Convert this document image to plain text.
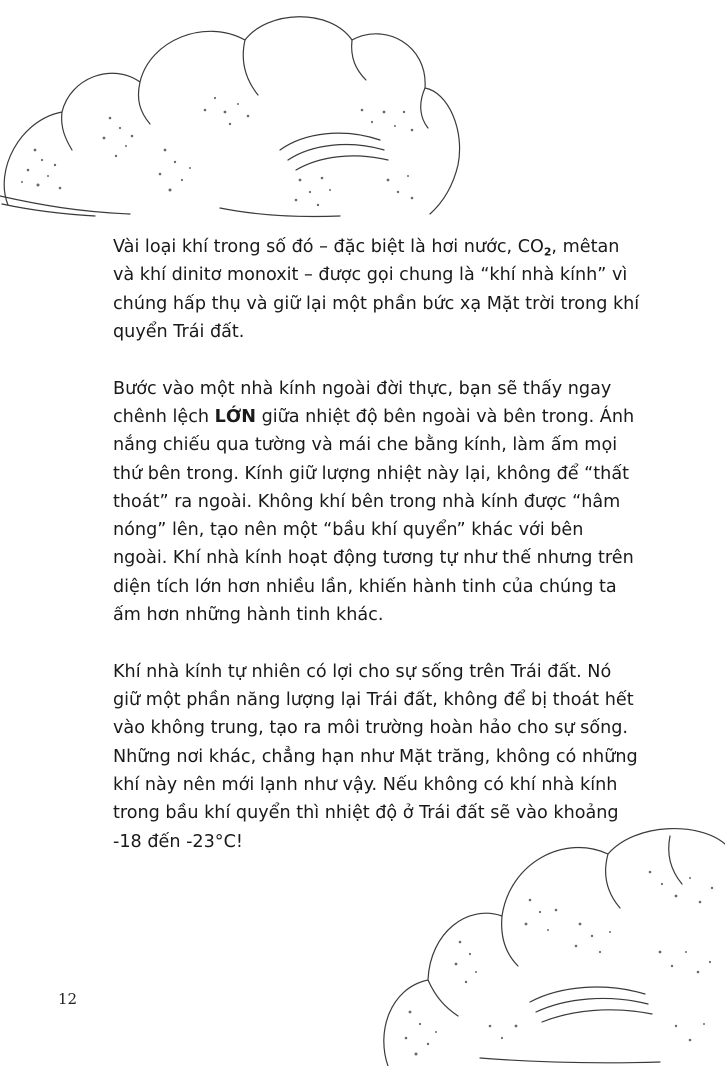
Vài loại khí trong số đó – đặc biệt là hơi nước, $CO_2$, mêtan và khí dinitơ monoxit – được gọi chung là “khí nhà kính” vì chúng hấp thụ và giữ lại một phần bức xạ Mặt trời trong khí quyển Trái đất.

Bước vào một nhà kính ngoài đời thực, bạn sẽ thấy ngay chênh lệch LỚN giữa nhiệt độ bên ngoài và bên trong. Ánh nắng chiếu qua tường và mái che bằng kính, làm ấm mọi thứ bên trong. Kính giữ lượng nhiệt này lại, không để “thất thoát” ra ngoài. Không khí bên trong nhà kính được “hâm nóng” lên, tạo nên một “bầu khí quyển” khác với bên ngoài. Khí nhà kính hoạt động tương tự như thế nhưng trên diện tích lớn hơn nhiều lần, khiến hành tinh của chúng ta ấm hơn những hành tinh khác.

Khí nhà kính tự nhiên có lợi cho sự sống trên Trái đất. Nó giữ một phần năng lượng lại Trái đất, không để bị thoát hết vào không trung, tạo ra môi trường hoàn hảo cho sự sống. Những nơi khác, chẳng hạn như Mặt trăng, không có những khí này nên mới lạnh như vậy. Nếu không có khí nhà kính trong bầu khí quyển thì nhiệt độ ở Trái đất sẽ vào khoảng -18 đến -23°C!

12
